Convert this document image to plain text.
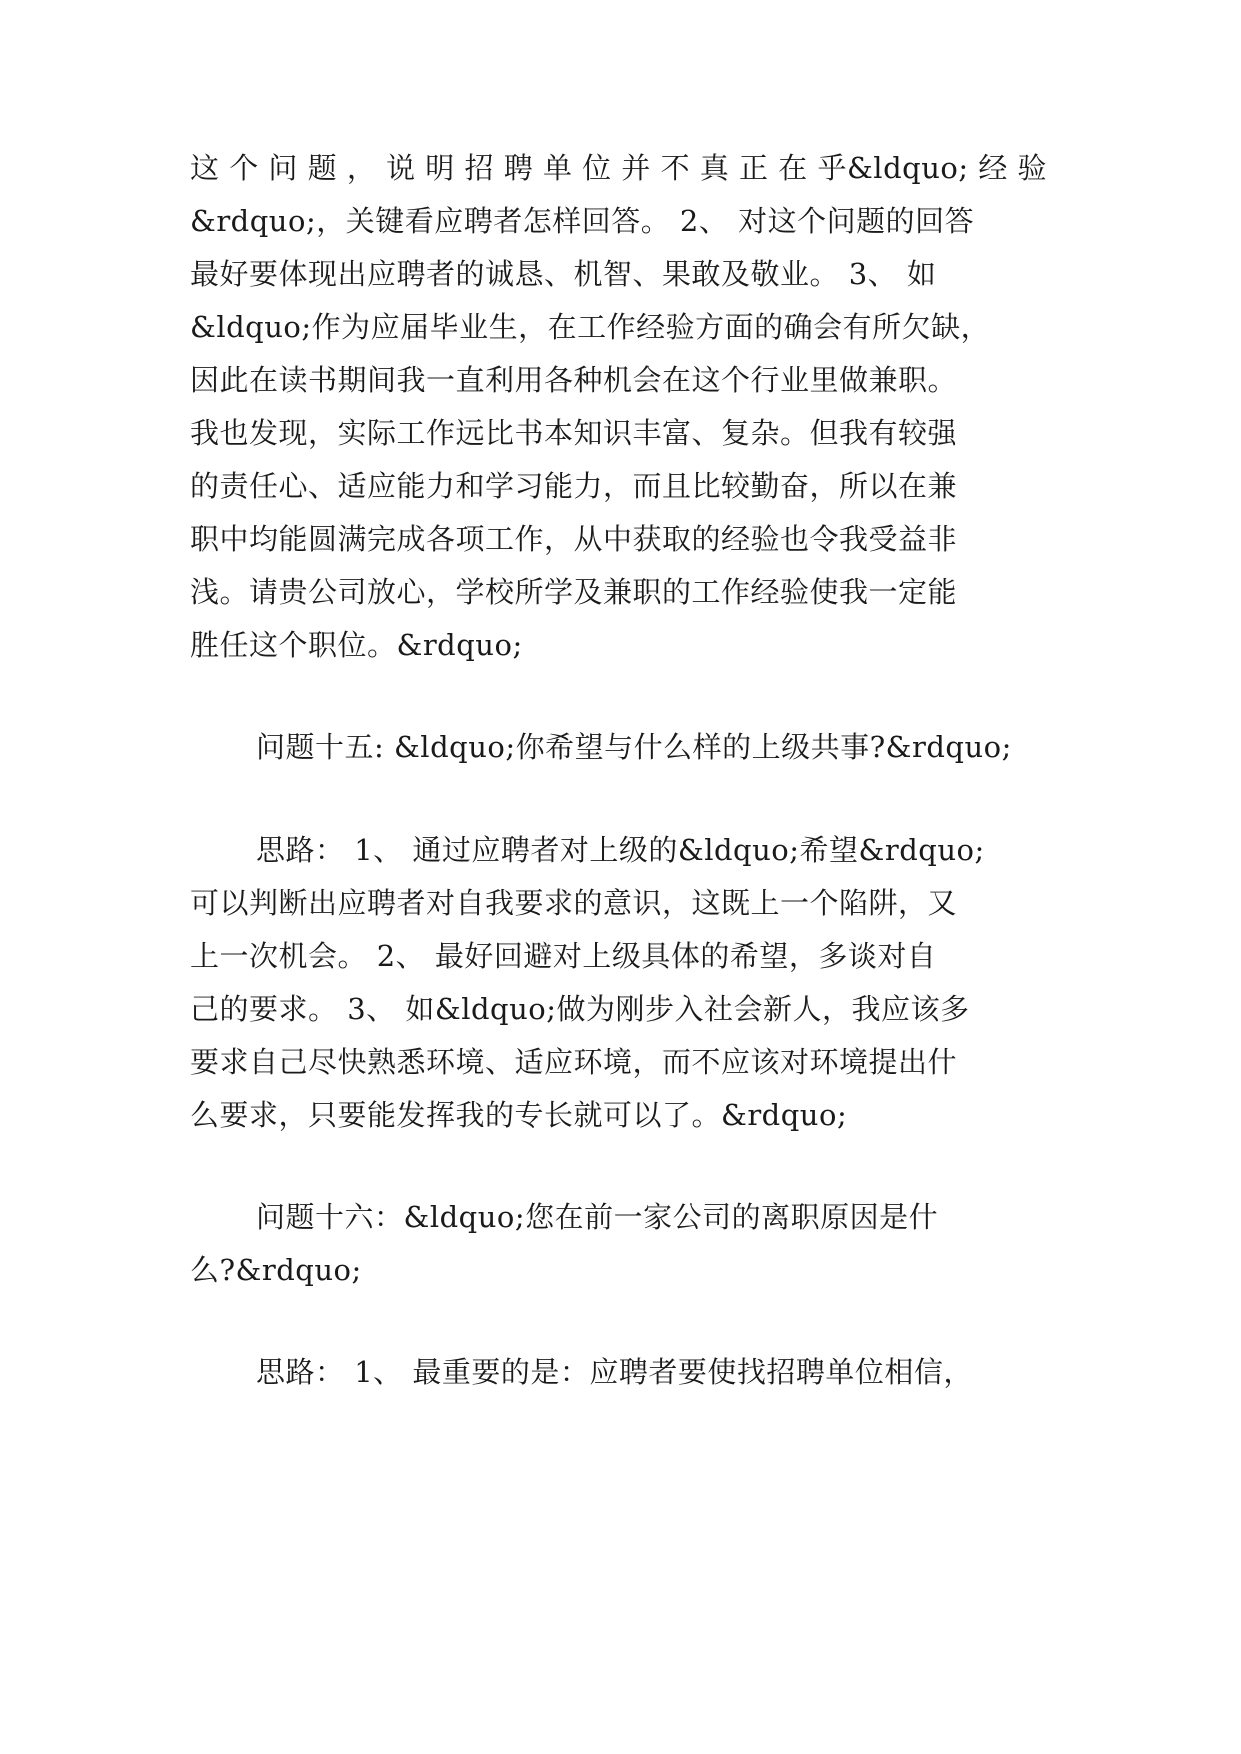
这 个 问 题 ， 说 明 招 聘 单 位 并 不 真 正 在 乎&ldquo; 经 验
&rdquo;，关键看应聘者怎样回答。 2、 对这个问题的回答
最好要体现出应聘者的诚恳、机智、果敢及敬业。 3、 如
&ldquo;作为应届毕业生，在工作经验方面的确会有所欠缺，
因此在读书期间我一直利用各种机会在这个行业里做兼职。
我也发现，实际工作远比书本知识丰富、复杂。但我有较强
的责任心、适应能力和学习能力，而且比较勤奋，所以在兼
职中均能圆满完成各项工作，从中获取的经验也令我受益非
浅。请贵公司放心，学校所学及兼职的工作经验使我一定能
胜任这个职位。&rdquo;
问题十五: &ldquo;你希望与什么样的上级共事?&rdquo;
思路： 1、 通过应聘者对上级的&ldquo;希望&rdquo;
可以判断出应聘者对自我要求的意识，这既上一个陷阱，又
上一次机会。 2、 最好回避对上级具体的希望，多谈对自
己的要求。 3、 如&ldquo;做为刚步入社会新人，我应该多
要求自己尽快熟悉环境、适应环境，而不应该对环境提出什
么要求，只要能发挥我的专长就可以了。&rdquo;
问题十六：&ldquo;您在前一家公司的离职原因是什
么?&rdquo;
思路： 1、 最重要的是：应聘者要使找招聘单位相信，
